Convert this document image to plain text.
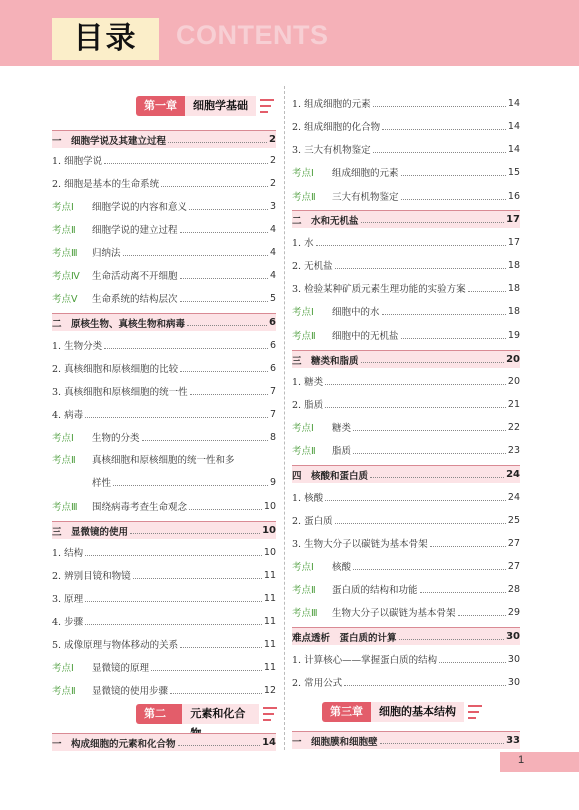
目录	CONTENTS
第一章	细胞学基础
一　细胞学说及其建立过程	2
1. 细胞学说	2
2. 细胞是基本的生命系统	2
考点Ⅰ	细胞学说的内容和意义	3
考点Ⅱ	细胞学说的建立过程	4
考点Ⅲ	归纳法	4
考点Ⅳ	生命活动离不开细胞	4
考点Ⅴ	生命系统的结构层次	5
二　原核生物、真核生物和病毒	6
1. 生物分类	6
2. 真核细胞和原核细胞的比较	6
3. 真核细胞和原核细胞的统一性	7
4. 病毒	7
考点Ⅰ	生物的分类	8
考点Ⅱ	真核细胞和原核细胞的统一性和多
样性	9
考点Ⅲ	围绕病毒考查生命观念	10
三　显微镜的使用	10
1. 结构	10
2. 辨别目镜和物镜	11
3. 原理	11
4. 步骤	11
5. 成像原理与物体移动的关系	11
考点Ⅰ	显微镜的原理	11
考点Ⅱ	显微镜的使用步骤	12
第二	元素和化合
一　构成细胞的元素和化合物	14
1. 组成细胞的元素	14
2. 组成细胞的化合物	14
3. 三大有机物鉴定	14
考点Ⅰ	组成细胞的元素	15
考点Ⅱ	三大有机物鉴定	16
二　水和无机盐	17
1. 水	17
2. 无机盐	18
3. 检验某种矿质元素生理功能的实验方案	18
考点Ⅰ	细胞中的水	18
考点Ⅱ	细胞中的无机盐	19
三　糖类和脂质	20
1. 糖类	20
2. 脂质	21
考点Ⅰ	糖类	22
考点Ⅱ	脂质	23
四　核酸和蛋白质	24
1. 核酸	24
2. 蛋白质	25
3. 生物大分子以碳链为基本骨架	27
考点Ⅰ	核酸	27
考点Ⅱ	蛋白质的结构和功能	28
考点Ⅲ	生物大分子以碳链为基本骨架	29
难点透析　蛋白质的计算	30
1. 计算核心——掌握蛋白质的结构	30
2. 常用公式	30
第三章	细胞的基本结构
一　细胞膜和细胞壁	33
1
